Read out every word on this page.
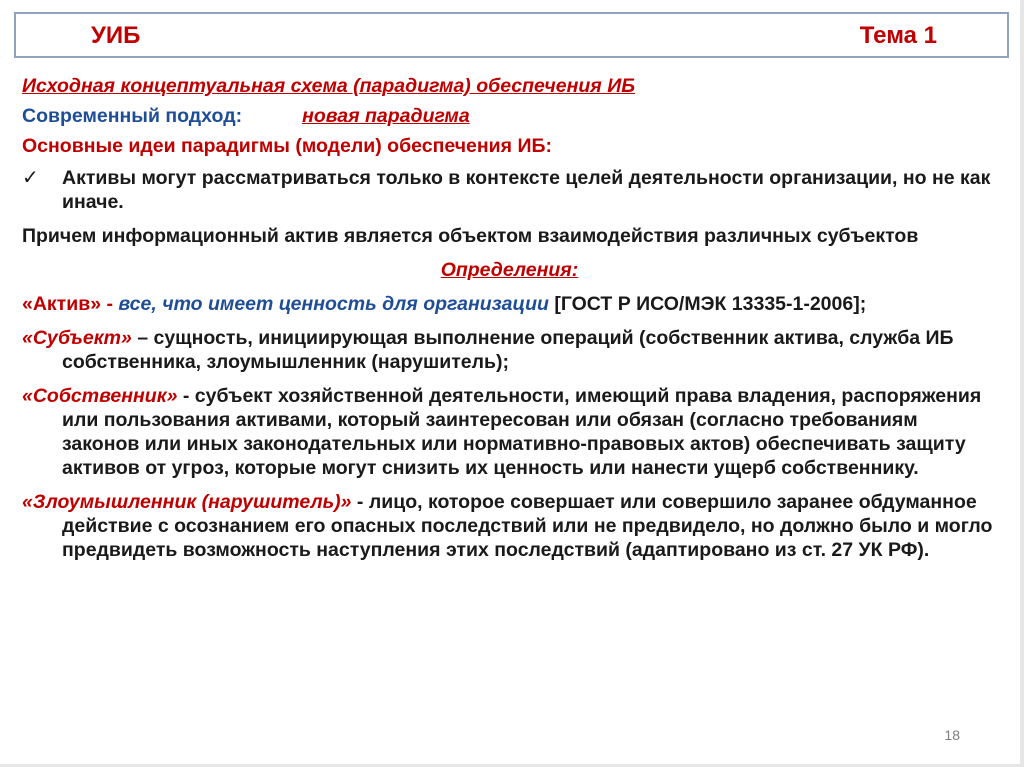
УИБ	Тема 1

Исходная концептуальная схема (парадигма) обеспечения ИБ

Современный подход:	новая парадигма

Основные идеи парадигмы (модели) обеспечения ИБ:

✓	Активы могут рассматриваться только в контексте целей деятельности организации, но не как иначе.

Причем информационный актив является объектом взаимодействия различных субъектов

Определения:

«Актив» - все, что имеет ценность для организации [ГОСТ Р ИСО/МЭК 13335-1-2006];

«Субъект» – сущность, инициирующая выполнение операций (собственник актива, служба ИБ собственника, злоумышленник (нарушитель);

«Собственник» - субъект хозяйственной деятельности, имеющий права владения, распоряжения или пользования активами, который заинтересован или обязан (согласно требованиям законов или иных законодательных или нормативно-правовых актов) обеспечивать защиту активов от угроз, которые могут снизить их ценность или нанести ущерб собственнику.

«Злоумышленник (нарушитель)» - лицо, которое совершает или совершило заранее обдуманное действие с осознанием его опасных последствий или не предвидело, но должно было и могло предвидеть возможность наступления этих последствий (адаптировано из ст. 27 УК РФ).

18
